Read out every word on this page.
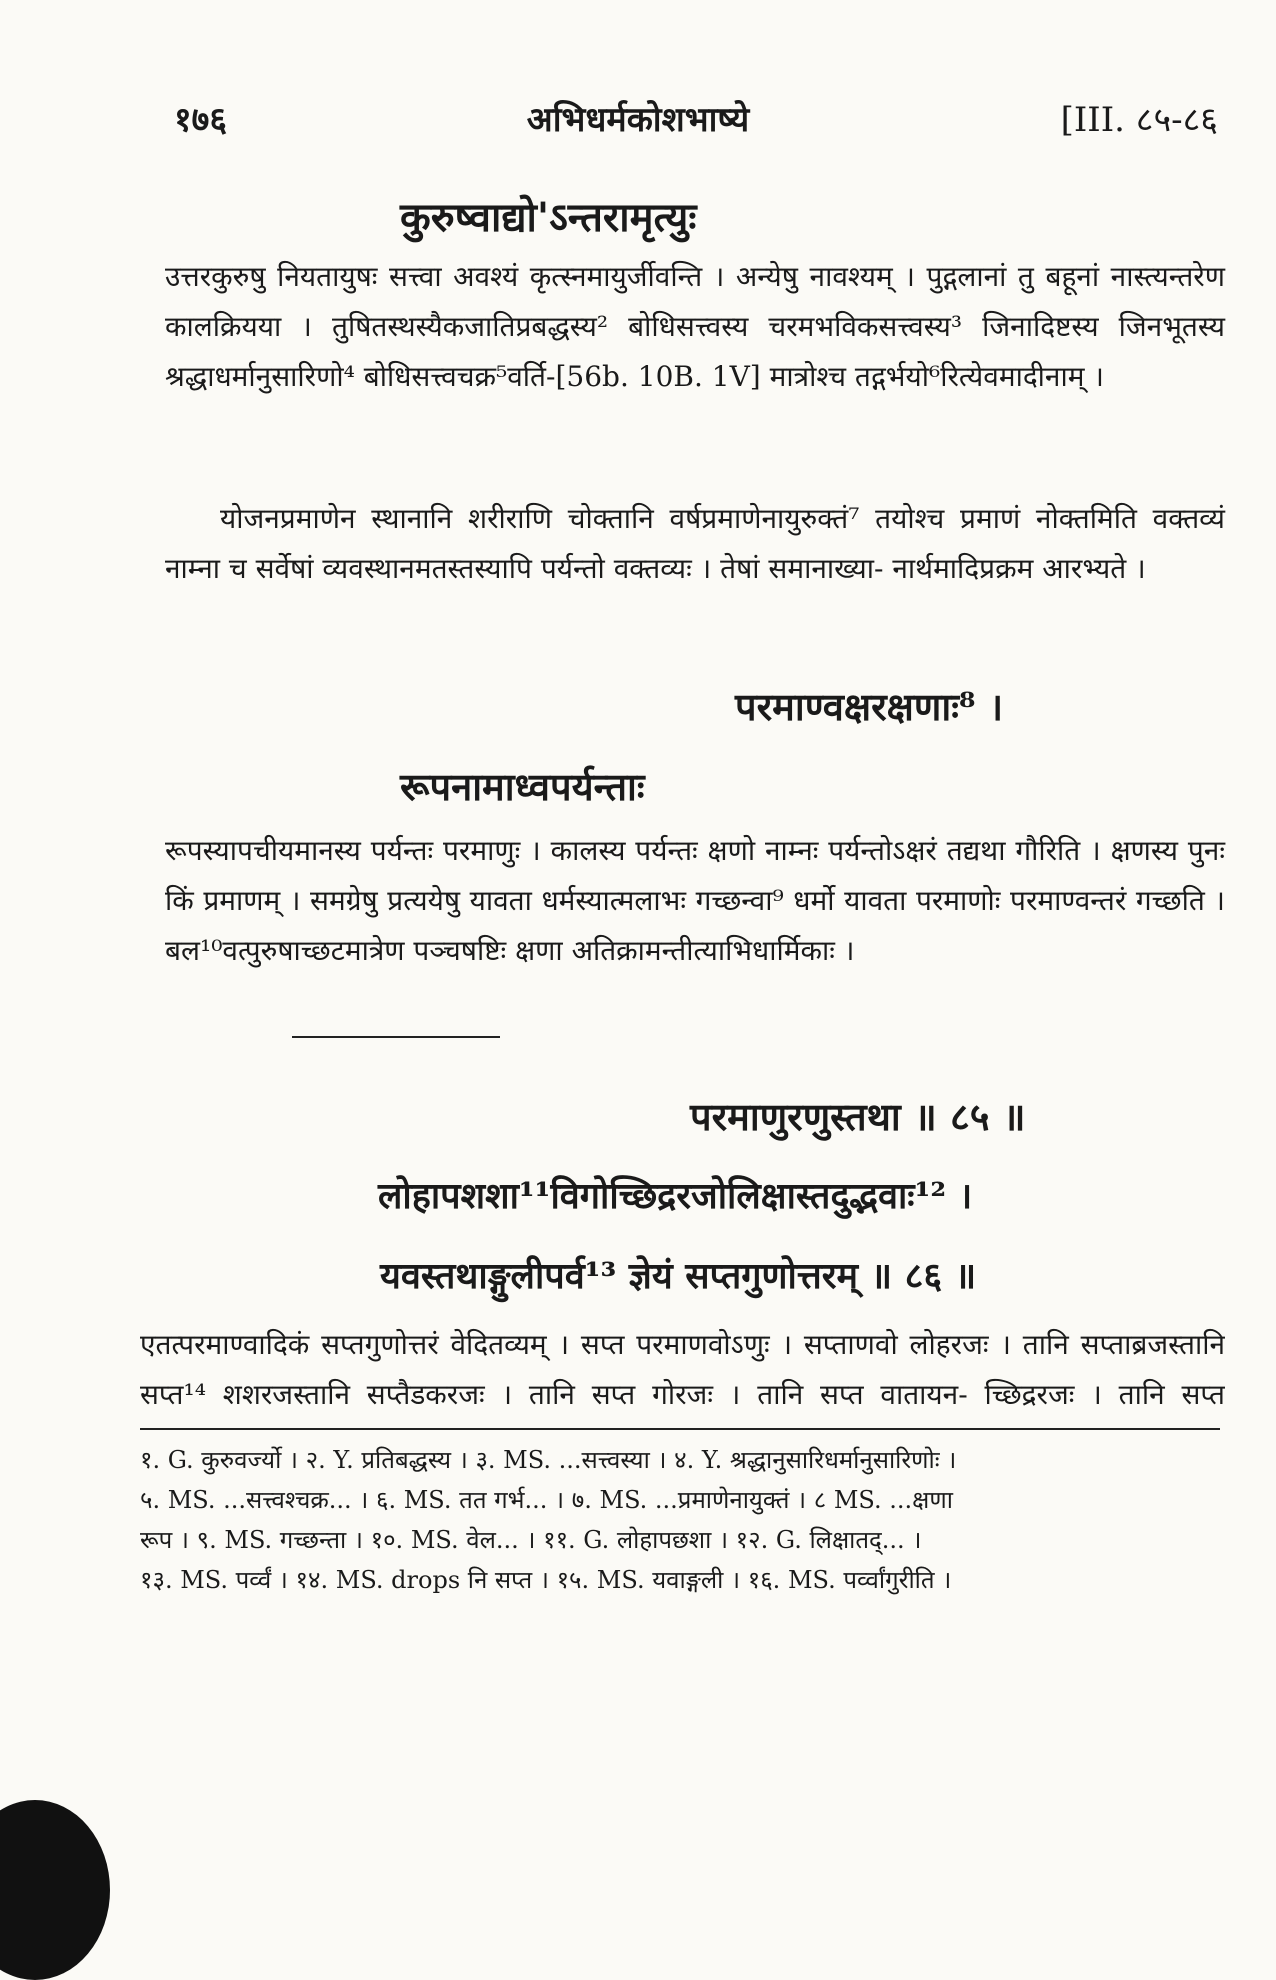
१७६	अभिधर्मकोशभाष्ये	[III. ८५-८६
कुरुष्वाद्यो'ऽन्तरामृत्युः

उत्तरकुरुषु नियतायुषः सत्त्वा अवश्यं कृत्स्नमायुर्जीवन्ति । अन्येषु नावश्यम् । पुद्गलानां तु बहूनां नास्त्यन्तरेण कालक्रियया । तुषितस्थस्यैकजातिप्रबद्धस्य² बोधिसत्त्वस्य चरमभविकसत्त्वस्य³ जिनादिष्टस्य जिनभूतस्य श्रद्धाधर्मानुसारिणो⁴ बोधिसत्त्वचक्र⁵वर्ति-[56b. 10B. 1V] मात्रोश्च तद्गर्भयो⁶रित्येवमादीनाम् ।

योजनप्रमाणेन स्थानानि शरीराणि चोक्तानि वर्षप्रमाणेनायुरुक्तं⁷ तयोश्च प्रमाणं नोक्तमिति वक्तव्यं नाम्ना च सर्वेषां व्यवस्थानमतस्तस्यापि पर्यन्तो वक्तव्यः । तेषां समानाख्या- नार्थमादिप्रक्रम आरभ्यते ।

परमाण्वक्षरक्षणाः⁸ ।
रूपनामाध्वपर्यन्ताः

रूपस्यापचीयमानस्य पर्यन्तः परमाणुः । कालस्य पर्यन्तः क्षणो नाम्नः पर्यन्तोऽक्षरं तद्यथा गौरिति । क्षणस्य पुनः किं प्रमाणम् । समग्रेषु प्रत्ययेषु यावता धर्मस्यात्मलाभः गच्छन्वा⁹ धर्मो यावता परमाणोः परमाण्वन्तरं गच्छति । बल¹⁰वत्पुरुषाच्छटमात्रेण पञ्चषष्टिः क्षणा अतिक्रामन्तीत्याभिधार्मिकाः ।

परमाणुरणुस्तथा ॥ ८५ ॥
लोहापशशा¹¹विगोच्छिद्ररजोलिक्षास्तदुद्भवाः¹² ।
यवस्तथाङ्गुलीपर्व¹³ ज्ञेयं सप्तगुणोत्तरम् ॥ ८६ ॥

एतत्परमाण्वादिकं सप्तगुणोत्तरं वेदितव्यम् । सप्त परमाणवोऽणुः । सप्ताणवो लोहरजः । तानि सप्ताब्रजस्तानि सप्त¹⁴ शशरजस्तानि सप्तैडकरजः । तानि सप्त गोरजः । तानि सप्त वातायन- च्छिद्ररजः । तानि सप्त

१. G. कुरुवर्ज्यो । २. Y. प्रतिबद्धस्य । ३. MS. ...सत्त्वस्या । ४. Y. श्रद्धानुसारिधर्मानुसारिणोः ।
५. MS. ...सत्त्वश्चक्र... । ६. MS. तत गर्भ... । ७. MS. ...प्रमाणेनायुक्तं । ८ MS. ...क्षणा
रूप । ९. MS. गच्छन्ता । १०. MS. वेल... । ११. G. लोहापछशा । १२. G. लिक्षातद्... ।
१३. MS. पर्व्वं । १४. MS. drops नि सप्त । १५. MS. यवाङ्गली । १६. MS. पर्व्वांगुरीति ।
